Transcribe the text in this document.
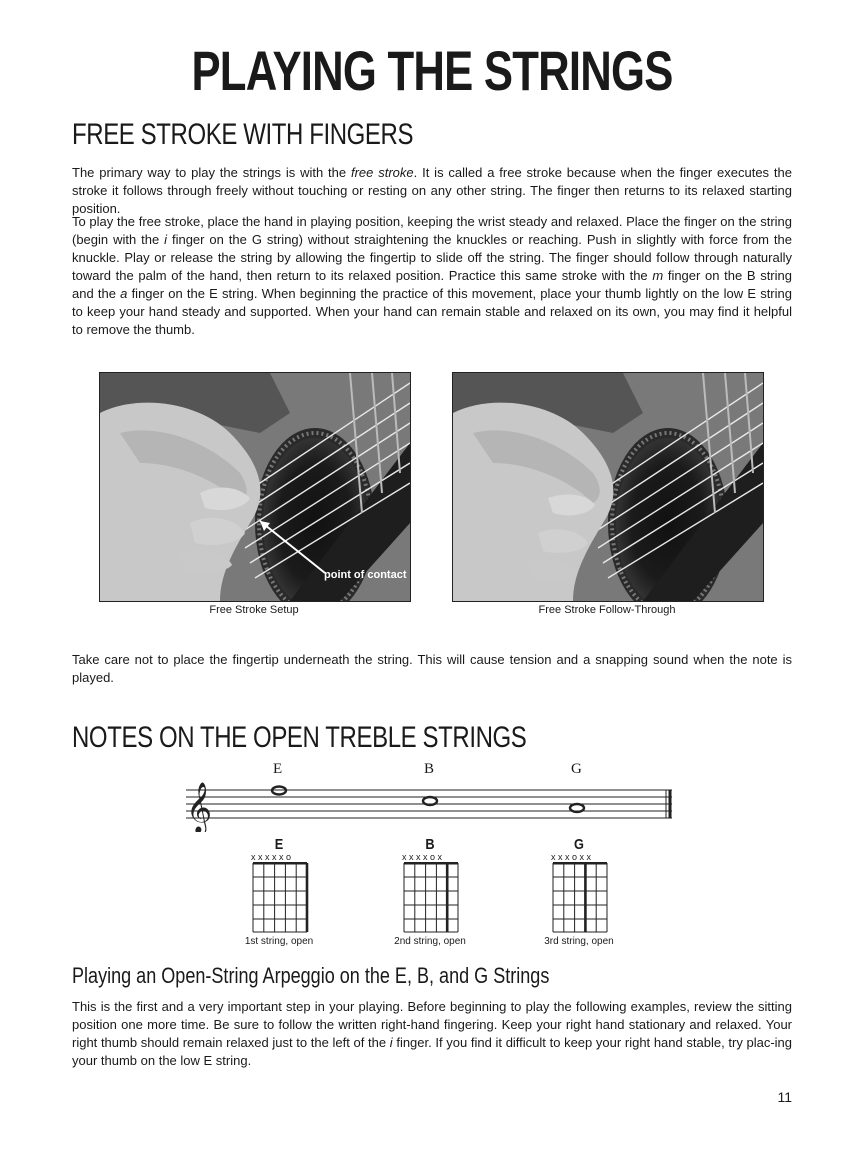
PLAYING THE STRINGS
FREE STROKE WITH FINGERS

The primary way to play the strings is with the free stroke. It is called a free stroke because when the finger executes the stroke it follows through freely without touching or resting on any other string. The finger then returns to its relaxed starting position.

To play the free stroke, place the hand in playing position, keeping the wrist steady and relaxed. Place the finger on the string (begin with the i finger on the G string) without straightening the knuckles or reaching. Push in slightly with force from the knuckle. Play or release the string by allowing the fingertip to slide off the string. The finger should follow through naturally toward the palm of the hand, then return to its relaxed position. Practice this same stroke with the m finger on the B string and the a finger on the E string. When beginning the practice of this movement, place your thumb lightly on the low E string to keep your hand steady and supported. When your hand can remain stable and relaxed on its own, you may find it helpful to remove the thumb.

point of contact
Free Stroke Setup	Free Stroke Follow-Through

Take care not to place the fingertip underneath the string. This will cause tension and a snapping sound when the note is played.

NOTES ON THE OPEN TREBLE STRINGS
𝄞
E	B	G
E
x x x x x o
1st string, open
B
x x x x o x
2nd string, open
G
x x x o x x
3rd string, open
Playing an Open-String Arpeggio on the E, B, and G Strings

This is the first and a very important step in your playing. Before beginning to play the following examples, review the sitting position one more time. Be sure to follow the written right-hand fingering. Keep your right hand stationary and relaxed. Your right thumb should remain relaxed just to the left of the i finger. If you find it difficult to keep your right hand stable, try plac-ing your thumb on the low E string.

11
